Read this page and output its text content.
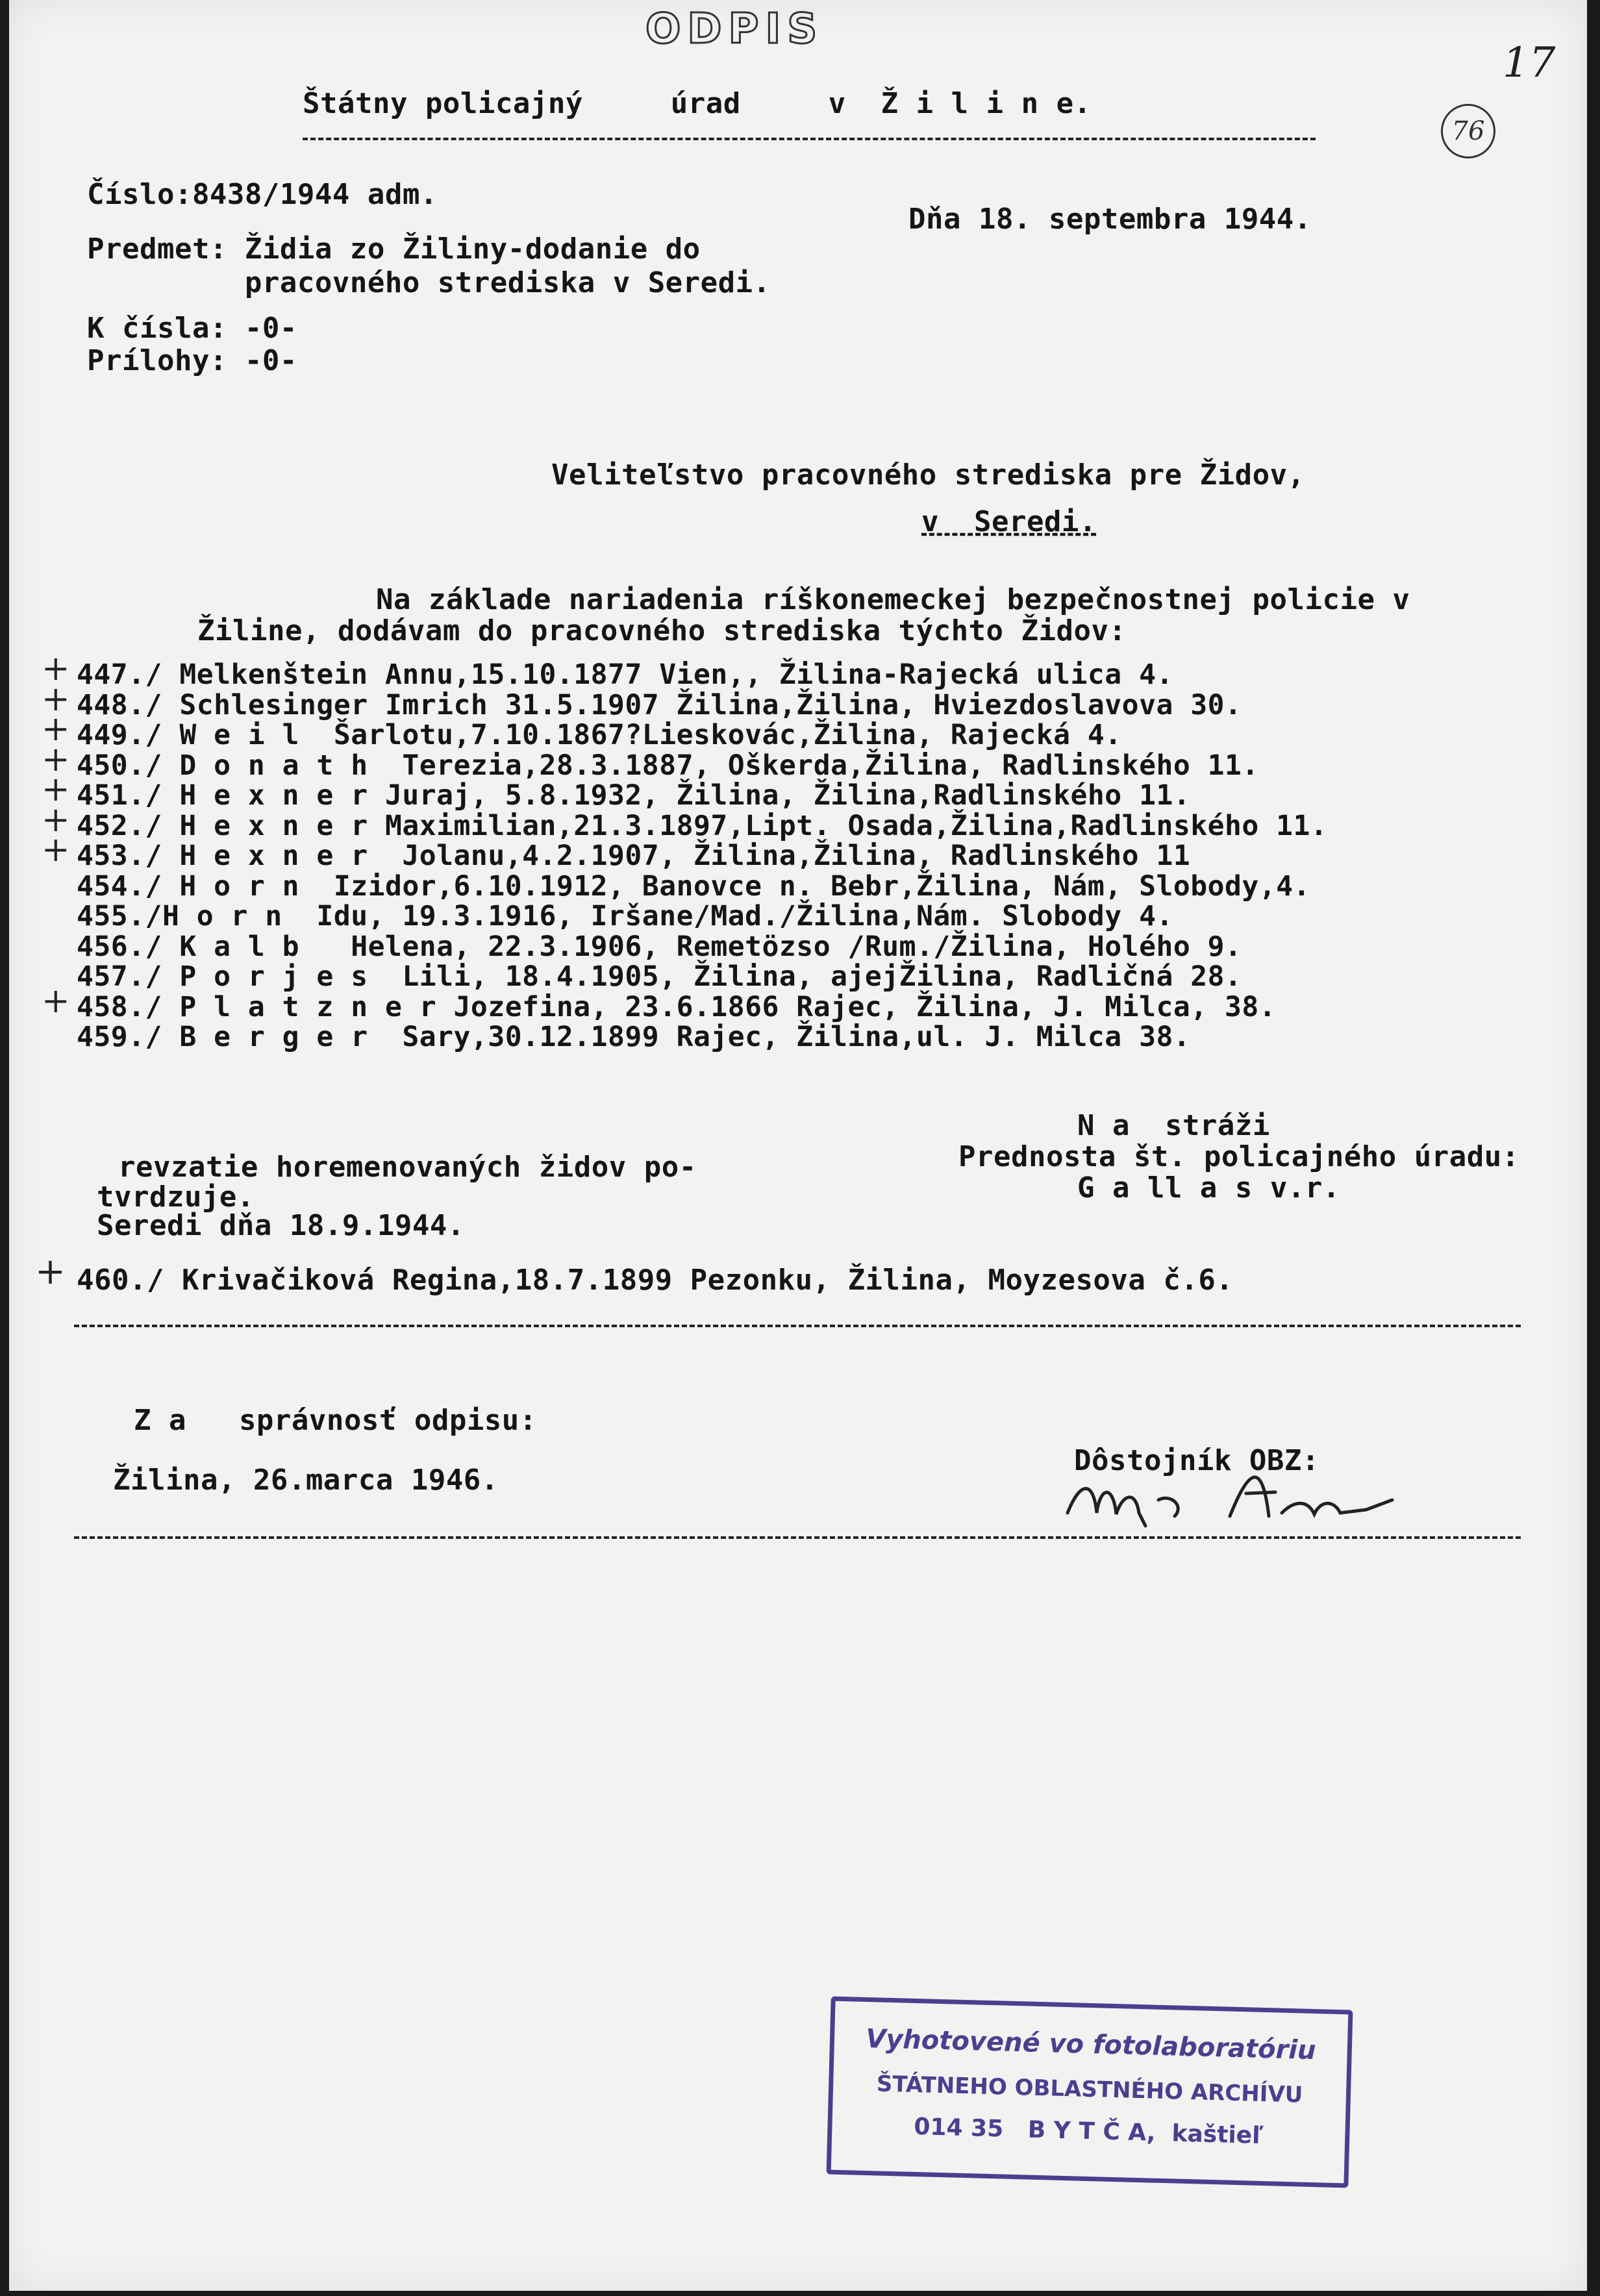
ODPIS
17
76
Štátny policajný     úrad     v  Ž i l i n e.
Číslo:8438/1944 adm.
Dňa 18. septembra 1944.
Predmet: Židia zo Žiliny-dodanie do
pracovného strediska v Seredi.
K čísla: -0-
Prílohy: -0-
Veliteľstvo pracovného strediska pre Židov,
v  Seredi.
Na základe nariadenia ríškonemeckej bezpečnostnej policie v
Žiline, dodávam do pracovného strediska týchto Židov:
+ 447./ Melkenštein Annu,15.10.1877 Vien,, Žilina-Rajecká ulica 4.
+ 448./ Schlesinger Imrich 31.5.1907 Žilina,Žilina, Hviezdoslavova 30.
+ 449./ W e i l  Šarlotu,7.10.1867?Lieskovác,Žilina, Rajecká 4.
+ 450./ D o n a t h  Terezia,28.3.1887, Oškerda,Žilina, Radlinského 11.
+ 451./ H e x n e r Juraj, 5.8.1932, Žilina, Žilina,Radlinského 11.
+ 452./ H e x n e r Maximilian,21.3.1897,Lipt. Osada,Žilina,Radlinského 11.
+ 453./ H e x n e r  Jolanu,4.2.1907, Žilina,Žilina, Radlinského 11
454./ H o r n  Izidor,6.10.1912, Banovce n. Bebr,Žilina, Nám, Slobody,4.
455./H o r n  Idu, 19.3.1916, Iršane/Mad./Žilina,Nám. Slobody 4.
456./ K a l b   Helena, 22.3.1906, Remetözso /Rum./Žilina, Holého 9.
457./ P o r j e s  Lili, 18.4.1905, Žilina, ajejŽilina, Radličná 28.
+ 458./ P l a t z n e r Jozefina, 23.6.1866 Rajec, Žilina, J. Milca, 38.
459./ B e r g e r  Sary,30.12.1899 Rajec, Žilina,ul. J. Milca 38.
revzatie horemenovaných židov po-
tvrdzuje.
Seredi dňa 18.9.1944.
N a  stráži
Prednosta št. policajného úradu:
G a ll a s v.r.
+ 460./ Krivačiková Regina,18.7.1899 Pezonku, Žilina, Moyzesova č.6.
Z a   správnosť odpisu:
Dôstojník OBZ:
Žilina, 26.marca 1946.
Vyhotovené vo fotolaboratóriu
ŠTÁTNEHO OBLASTNÉHO ARCHÍVU
014 35   B Y T Č A,  kaštieľ
